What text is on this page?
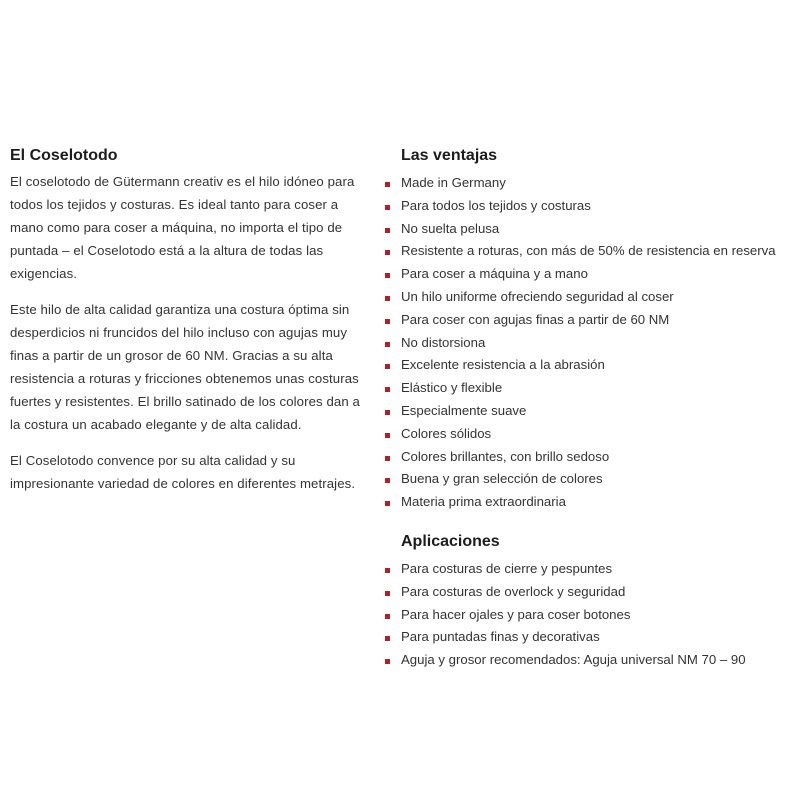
El Coselotodo

El coselotodo de Gütermann creativ es el hilo idóneo para todos los tejidos y costuras. Es ideal tanto para coser a mano como para coser a máquina, no importa el tipo de puntada – el Coselotodo está a la altura de todas las exigencias.

Este hilo de alta calidad garantiza una costura óptima sin desperdicios ni fruncidos del hilo incluso con agujas muy finas a partir de un grosor de 60 NM. Gracias a su alta resistencia a roturas y fricciones obtenemos unas costuras fuertes y resistentes. El brillo satinado de los colores dan a la costura un acabado elegante y de alta calidad.

El Coselotodo convence por su alta calidad y su impresionante variedad de colores en diferentes metrajes.

Las ventajas
Made in Germany
Para todos los tejidos y costuras
No suelta pelusa
Resistente a roturas, con más de 50% de resistencia en reserva
Para coser a máquina y a mano
Un hilo uniforme ofreciendo seguridad al coser
Para coser con agujas finas a partir de 60 NM
No distorsiona
Excelente resistencia a la abrasión
Elástico y flexible
Especialmente suave
Colores sólidos
Colores brillantes, con brillo sedoso
Buena y gran selección de colores
Materia prima extraordinaria
Aplicaciones
Para costuras de cierre y pespuntes
Para costuras de overlock y seguridad
Para hacer ojales y para coser botones
Para puntadas finas y decorativas
Aguja y grosor recomendados: Aguja universal NM 70 – 90
